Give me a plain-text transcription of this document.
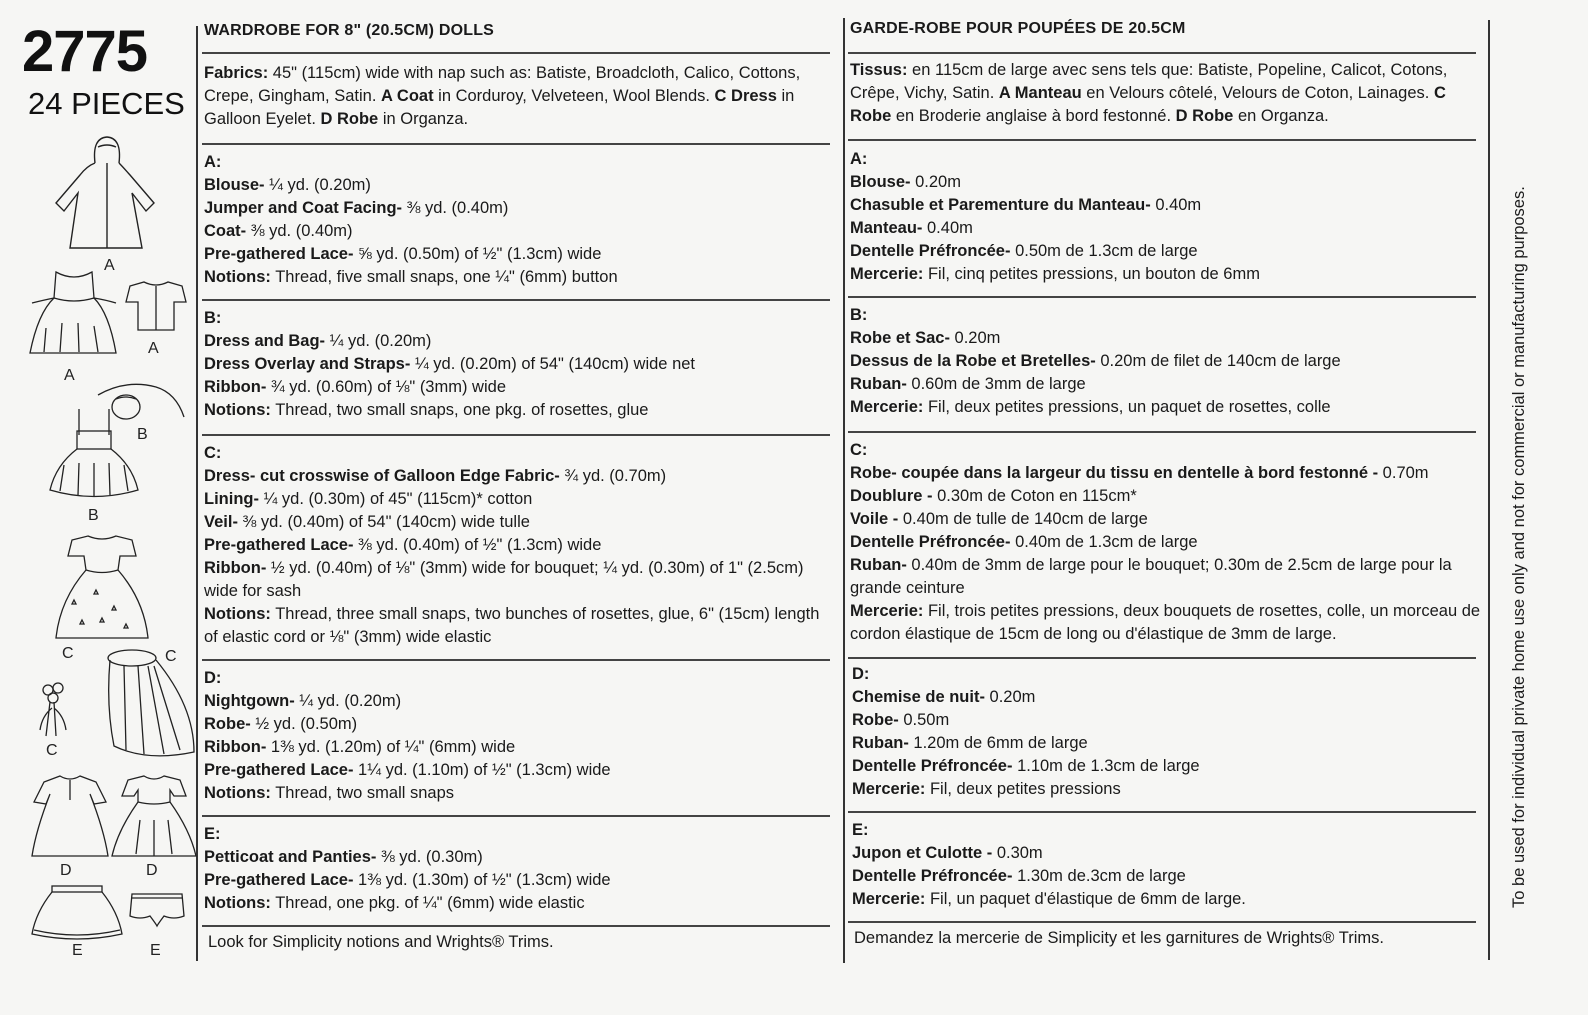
2775
24 PIECES
A
A
A
B
B
C	C
C
D	D
E	E
WARDROBE FOR 8" (20.5CM) DOLLS

Fabrics: 45" (115cm) wide with nap such as: Batiste, Broadcloth, Calico, Cottons,

Crepe, Gingham, Satin. A Coat in Corduroy, Velveteen, Wool Blends. C Dress in

Galloon Eyelet. D Robe in Organza.

A:

Blouse- ¼ yd. (0.20m)

Jumper and Coat Facing- ⅜ yd. (0.40m)

Coat- ⅜ yd. (0.40m)

Pre-gathered Lace- ⅝ yd. (0.50m) of ½" (1.3cm) wide

Notions: Thread, five small snaps, one ¼" (6mm) button

B:

Dress and Bag- ¼ yd. (0.20m)

Dress Overlay and Straps- ¼ yd. (0.20m) of 54" (140cm) wide net

Ribbon- ¾ yd. (0.60m) of ⅛" (3mm) wide

Notions: Thread, two small snaps, one pkg. of rosettes, glue

C:

Dress- cut crosswise of Galloon Edge Fabric- ¾ yd. (0.70m)

Lining- ¼ yd. (0.30m) of 45" (115cm)* cotton

Veil- ⅜ yd. (0.40m) of 54" (140cm) wide tulle

Pre-gathered Lace- ⅜ yd. (0.40m) of ½" (1.3cm) wide

Ribbon- ½ yd. (0.40m) of ⅛" (3mm) wide for bouquet; ¼ yd. (0.30m) of 1" (2.5cm) wide for sash

Notions: Thread, three small snaps, two bunches of rosettes, glue, 6" (15cm) length of elastic cord or ⅛" (3mm) wide elastic

D:

Nightgown- ¼ yd. (0.20m)

Robe- ½ yd. (0.50m)

Ribbon- 1⅜ yd. (1.20m) of ¼" (6mm) wide

Pre-gathered Lace- 1¼ yd. (1.10m) of ½" (1.3cm) wide

Notions: Thread, two small snaps

E:

Petticoat and Panties- ⅜ yd. (0.30m)

Pre-gathered Lace- 1⅜ yd. (1.30m) of ½" (1.3cm) wide

Notions: Thread, one pkg. of ¼" (6mm) wide elastic

Look for Simplicity notions and Wrights® Trims.
GARDE-ROBE POUR POUPÉES DE 20.5CM

Tissus: en 115cm de large avec sens tels que: Batiste, Popeline, Calicot, Cotons,

Crêpe, Vichy, Satin. A Manteau en Velours côtelé, Velours de Coton, Lainages. C

Robe en Broderie anglaise à bord festonné. D Robe en Organza.

A:

Blouse- 0.20m

Chasuble et Parementure du Manteau- 0.40m

Manteau- 0.40m

Dentelle Préfroncée- 0.50m de 1.3cm de large

Mercerie: Fil, cinq petites pressions, un bouton de 6mm

B:

Robe et Sac- 0.20m

Dessus de la Robe et Bretelles- 0.20m de filet de 140cm de large

Ruban- 0.60m de 3mm de large

Mercerie: Fil, deux petites pressions, un paquet de rosettes, colle

C:

Robe- coupée dans la largeur du tissu en dentelle à bord festonné - 0.70m

Doublure - 0.30m de Coton en 115cm*

Voile - 0.40m de tulle de 140cm de large

Dentelle Préfroncée- 0.40m de 1.3cm de large

Ruban- 0.40m de 3mm de large pour le bouquet; 0.30m de 2.5cm de large pour la grande ceinture

Mercerie: Fil, trois petites pressions, deux bouquets de rosettes, colle, un morceau de cordon élastique de 15cm de long ou d'élastique de 3mm de large.

D:

Chemise de nuit- 0.20m

Robe- 0.50m

Ruban- 1.20m de 6mm de large

Dentelle Préfroncée- 1.10m de 1.3cm de large

Mercerie: Fil, deux petites pressions

E:

Jupon et Culotte - 0.30m

Dentelle Préfroncée- 1.30m de.3cm de large

Mercerie: Fil, un paquet d'élastique de 6mm de large.

Demandez la mercerie de Simplicity et les garnitures de Wrights® Trims.
To be used for individual private home use only and not for commercial or manufacturing purposes.
